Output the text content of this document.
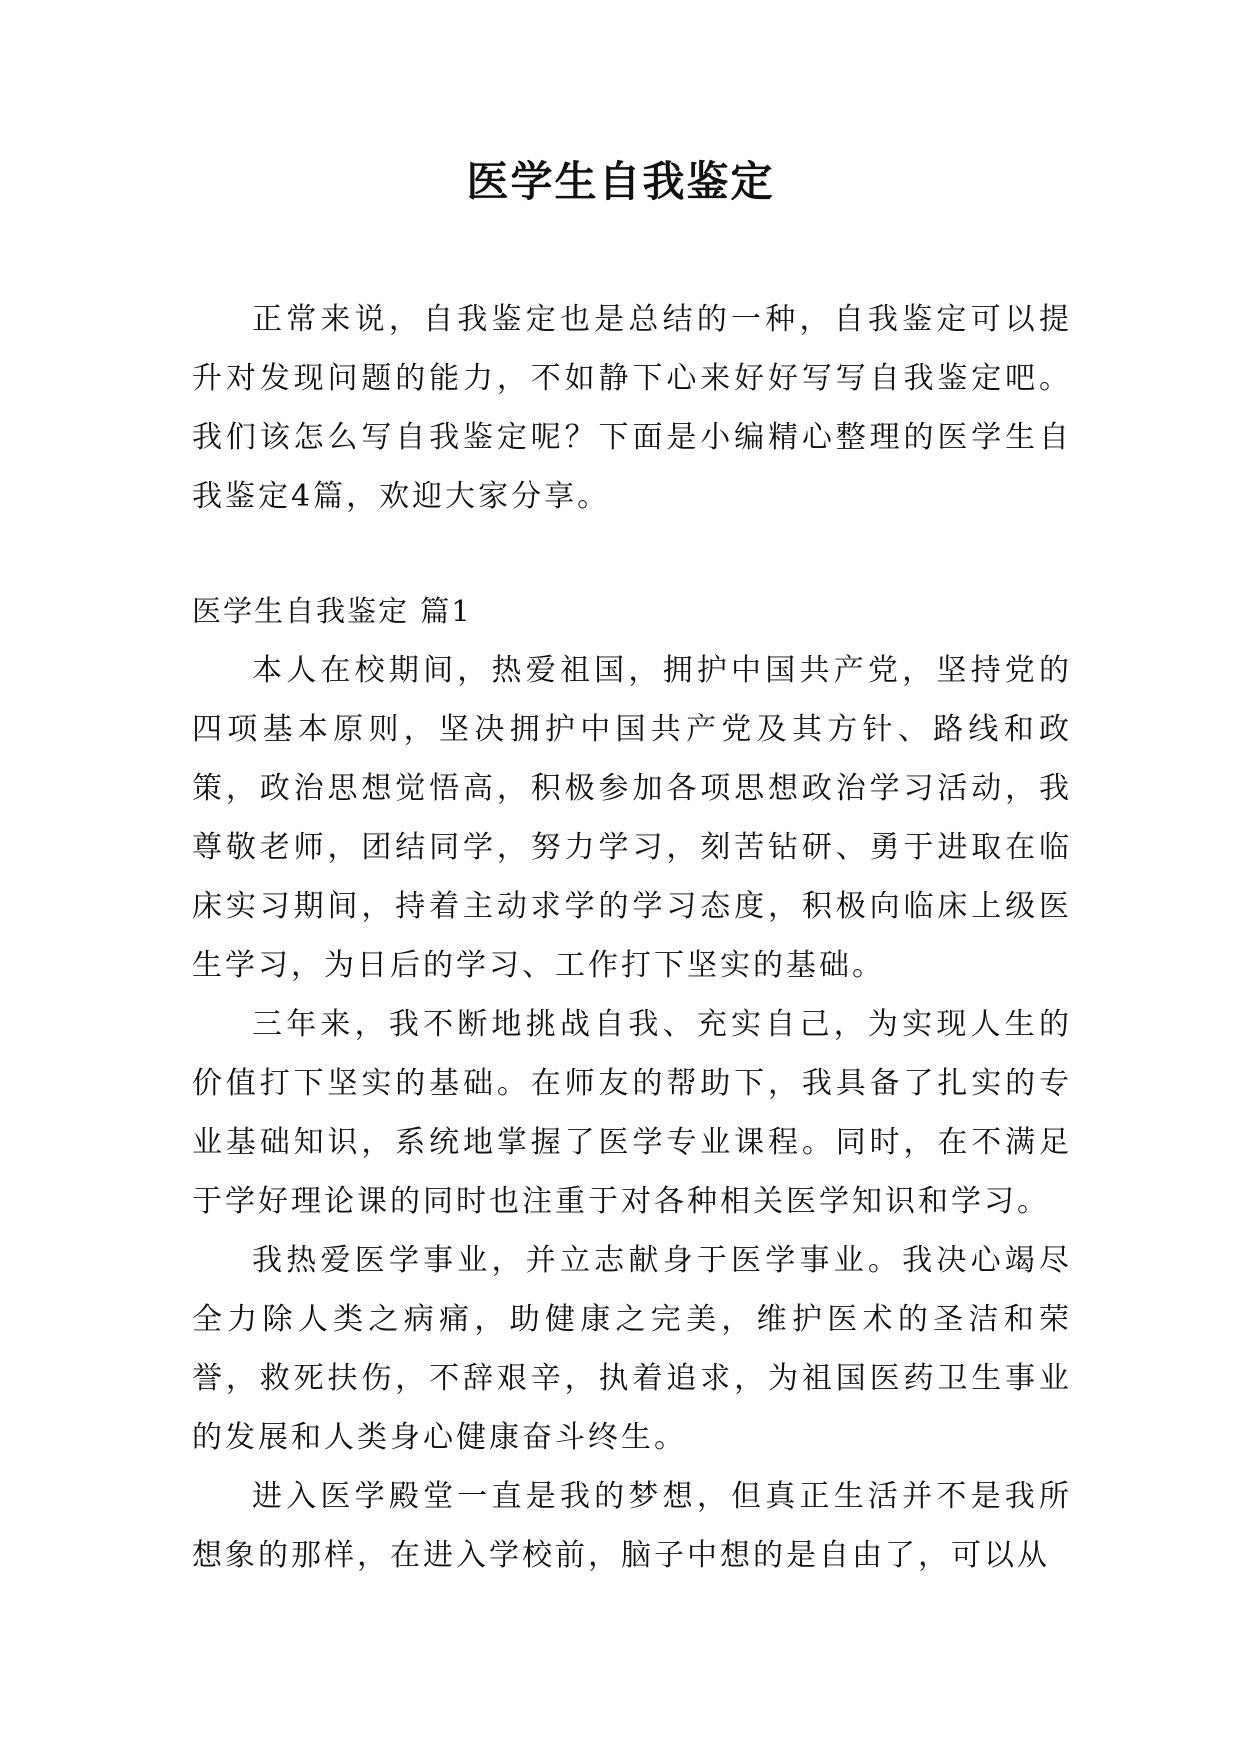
医学生自我鉴定

正常来说，自我鉴定也是总结的一种，自我鉴定可以提升对发现问题的能力，不如静下心来好好写写自我鉴定吧。我们该怎么写自我鉴定呢？下面是小编精心整理的医学生自我鉴定4篇，欢迎大家分享。

医学生自我鉴定 篇1

本人在校期间，热爱祖国，拥护中国共产党，坚持党的四项基本原则，坚决拥护中国共产党及其方针、路线和政策，政治思想觉悟高，积极参加各项思想政治学习活动，我尊敬老师，团结同学，努力学习，刻苦钻研、勇于进取在临床实习期间，持着主动求学的学习态度，积极向临床上级医生学习，为日后的学习、工作打下坚实的基础。

三年来，我不断地挑战自我、充实自己，为实现人生的价值打下坚实的基础。在师友的帮助下，我具备了扎实的专业基础知识，系统地掌握了医学专业课程。同时，在不满足于学好理论课的同时也注重于对各种相关医学知识和学习。

我热爱医学事业，并立志献身于医学事业。我决心竭尽全力除人类之病痛，助健康之完美，维护医术的圣洁和荣誉，救死扶伤，不辞艰辛，执着追求，为祖国医药卫生事业的发展和人类身心健康奋斗终生。

进入医学殿堂一直是我的梦想，但真正生活并不是我所想象的那样，在进入学校前，脑子中想的是自由了，可以从
